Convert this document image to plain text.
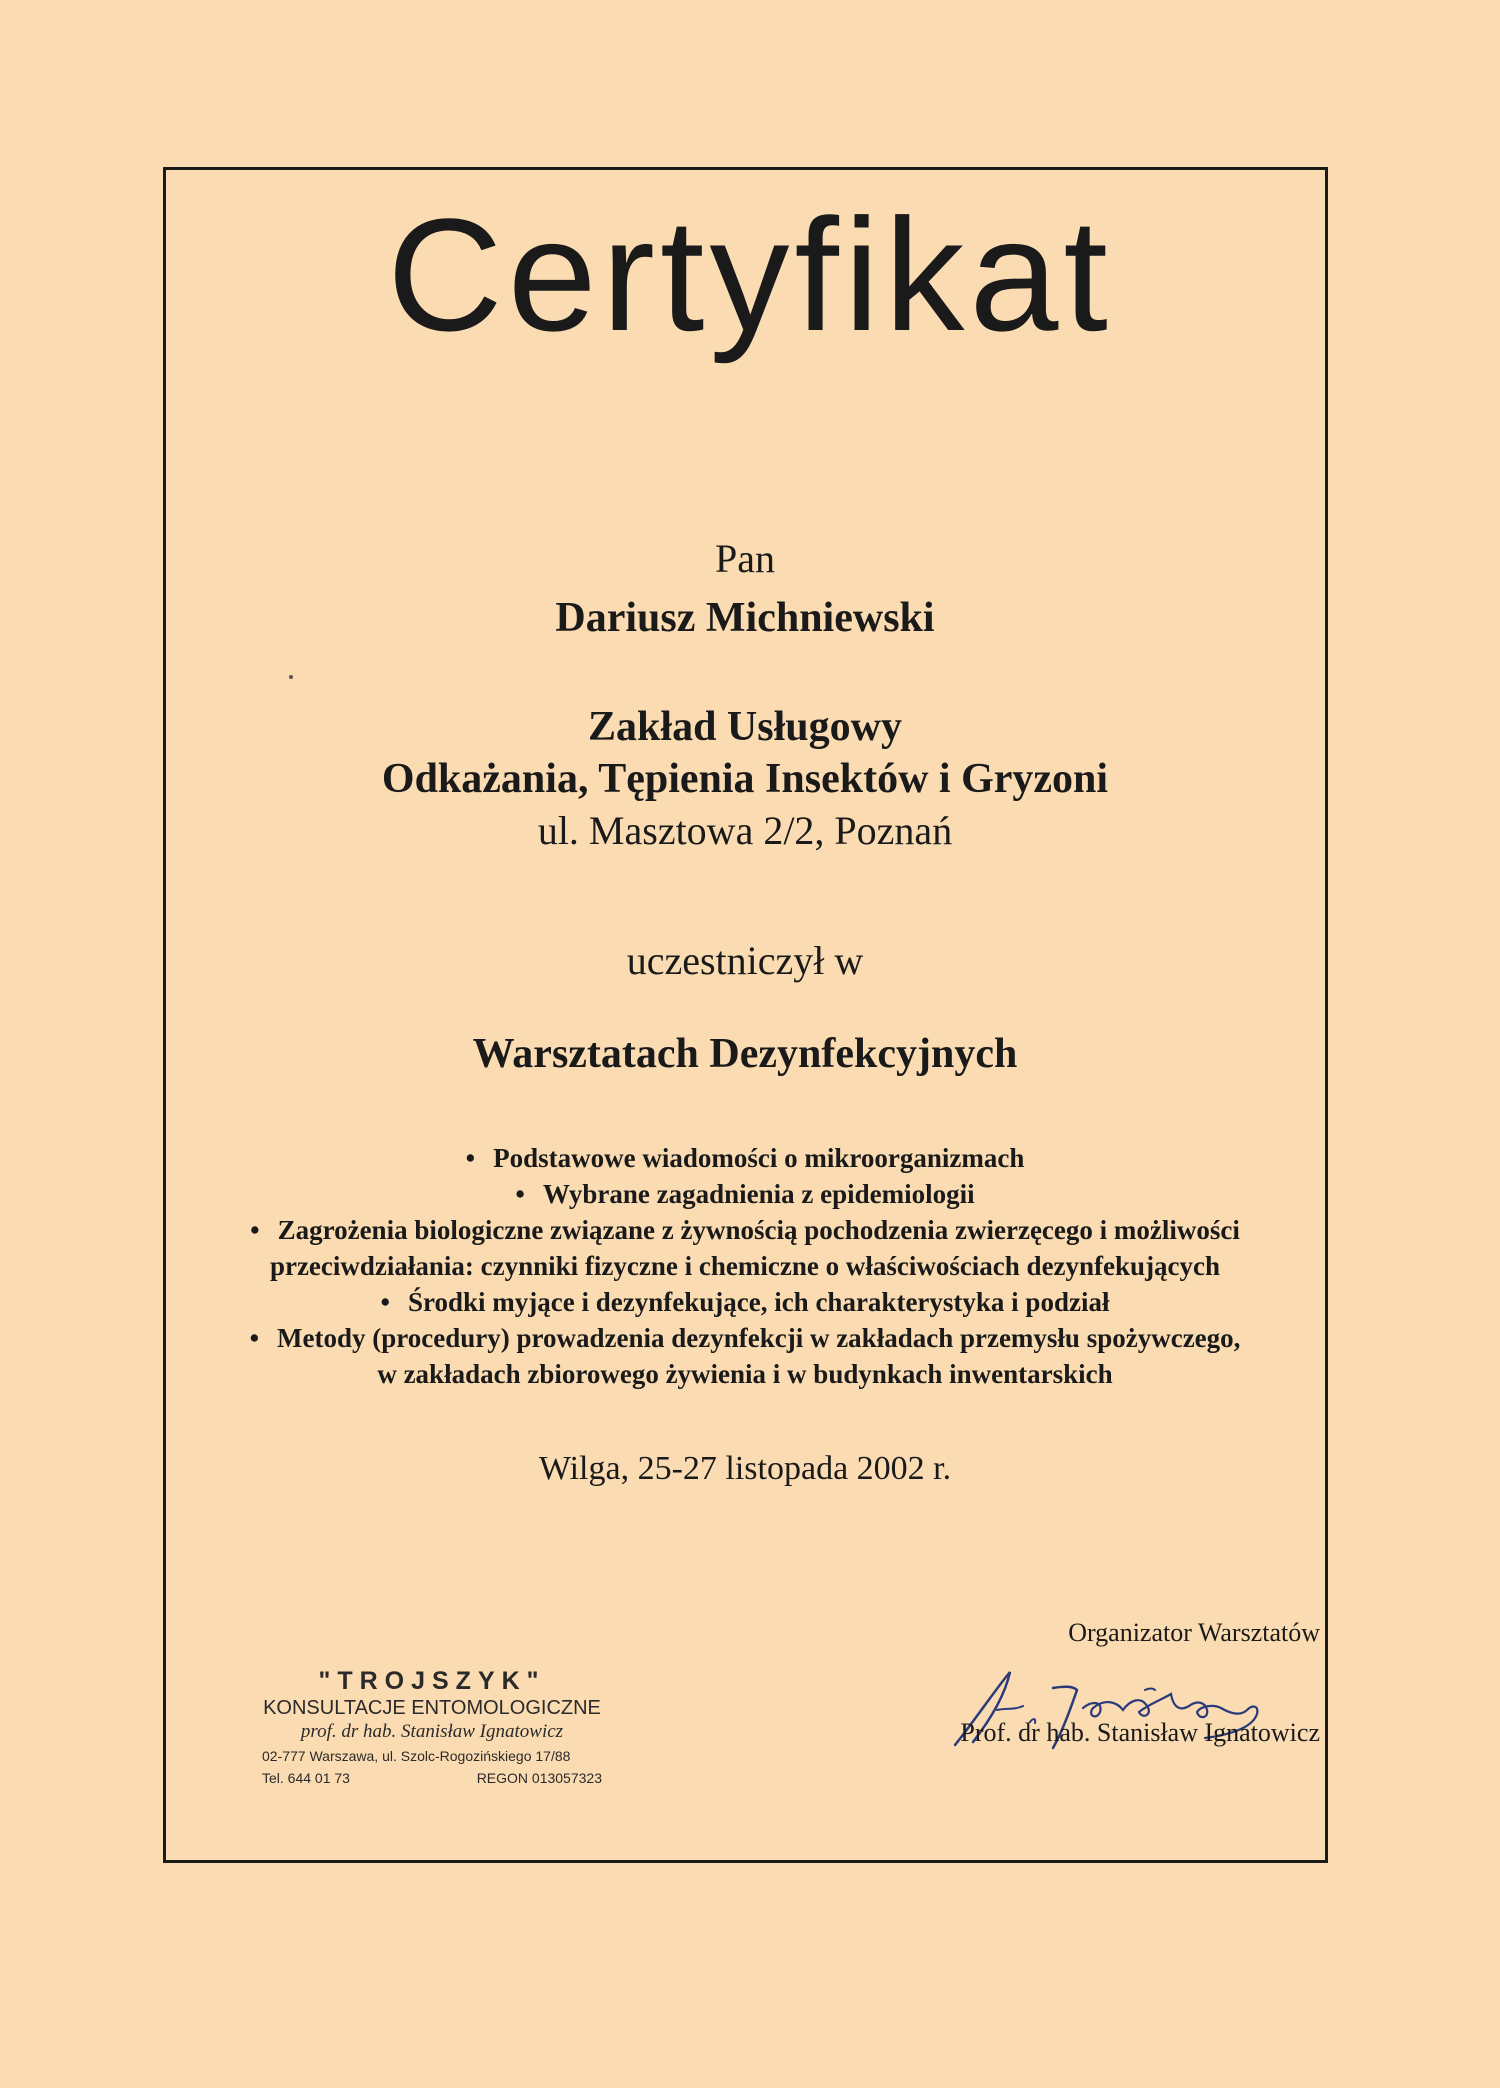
Certyfikat
Pan
Dariusz Michniewski
Zakład Usługowy
Odkażania, Tępienia Insektów i Gryzoni
ul. Masztowa 2/2, Poznań
uczestniczył w
Warsztatach Dezynfekcyjnych
• Podstawowe wiadomości o mikroorganizmach
• Wybrane zagadnienia z epidemiologii
• Zagrożenia biologiczne związane z żywnością pochodzenia zwierzęcego i możliwości
przeciwdziałania: czynniki fizyczne i chemiczne o właściwościach dezynfekujących
• Środki myjące i dezynfekujące, ich charakterystyka i podział
• Metody (procedury) prowadzenia dezynfekcji w zakładach przemysłu spożywczego,
w zakładach zbiorowego żywienia i w budynkach inwentarskich
Wilga, 25-27 listopada 2002 r.
"TROJSZYK"
KONSULTACJE ENTOMOLOGICZNE
prof. dr hab. Stanisław Ignatowicz
02-777 Warszawa, ul. Szolc-Rogozińskiego 17/88
Tel. 644 01 73	REGON 013057323
Organizator Warsztatów
Prof. dr hab. Stanisław Ignatowicz
